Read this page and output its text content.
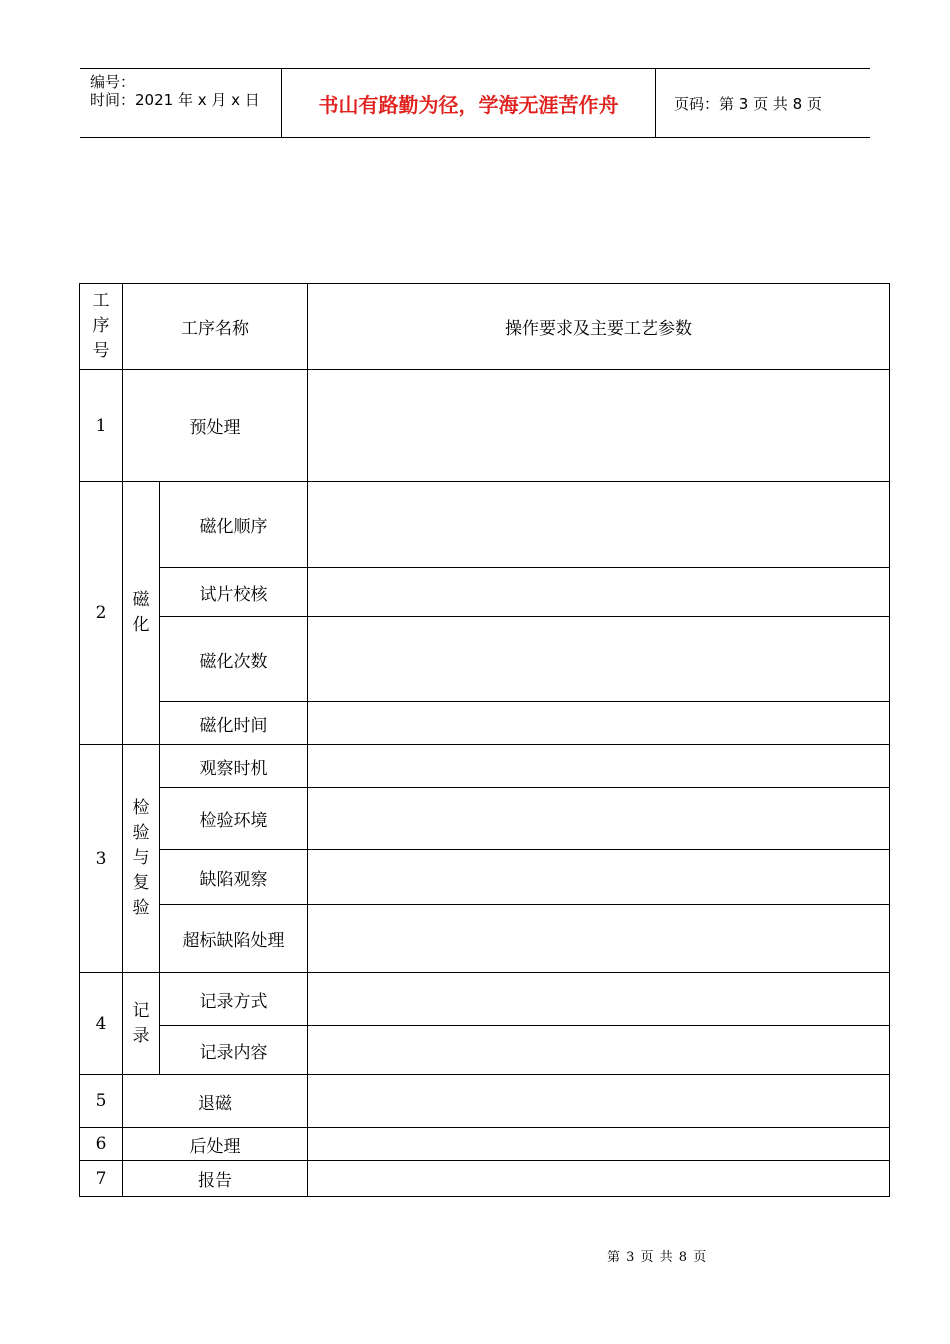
编号：
时间：2021 年 x 月 x 日	书山有路勤为径，学海无涯苦作舟	页码：第 3 页 共 8 页
工序号	工序名称		操作要求及主要工艺参数
1	预处理		
2	磁化	磁化顺序	
		试片校核	
		磁化次数	
		磁化时间	
3	检验与复验	观察时机	
		检验环境	
		缺陷观察	
		超标缺陷处理	
4	记录	记录方式	
		记录内容	
5	退磁		
6	后处理		
7	报告		
第 3 页 共 8 页
